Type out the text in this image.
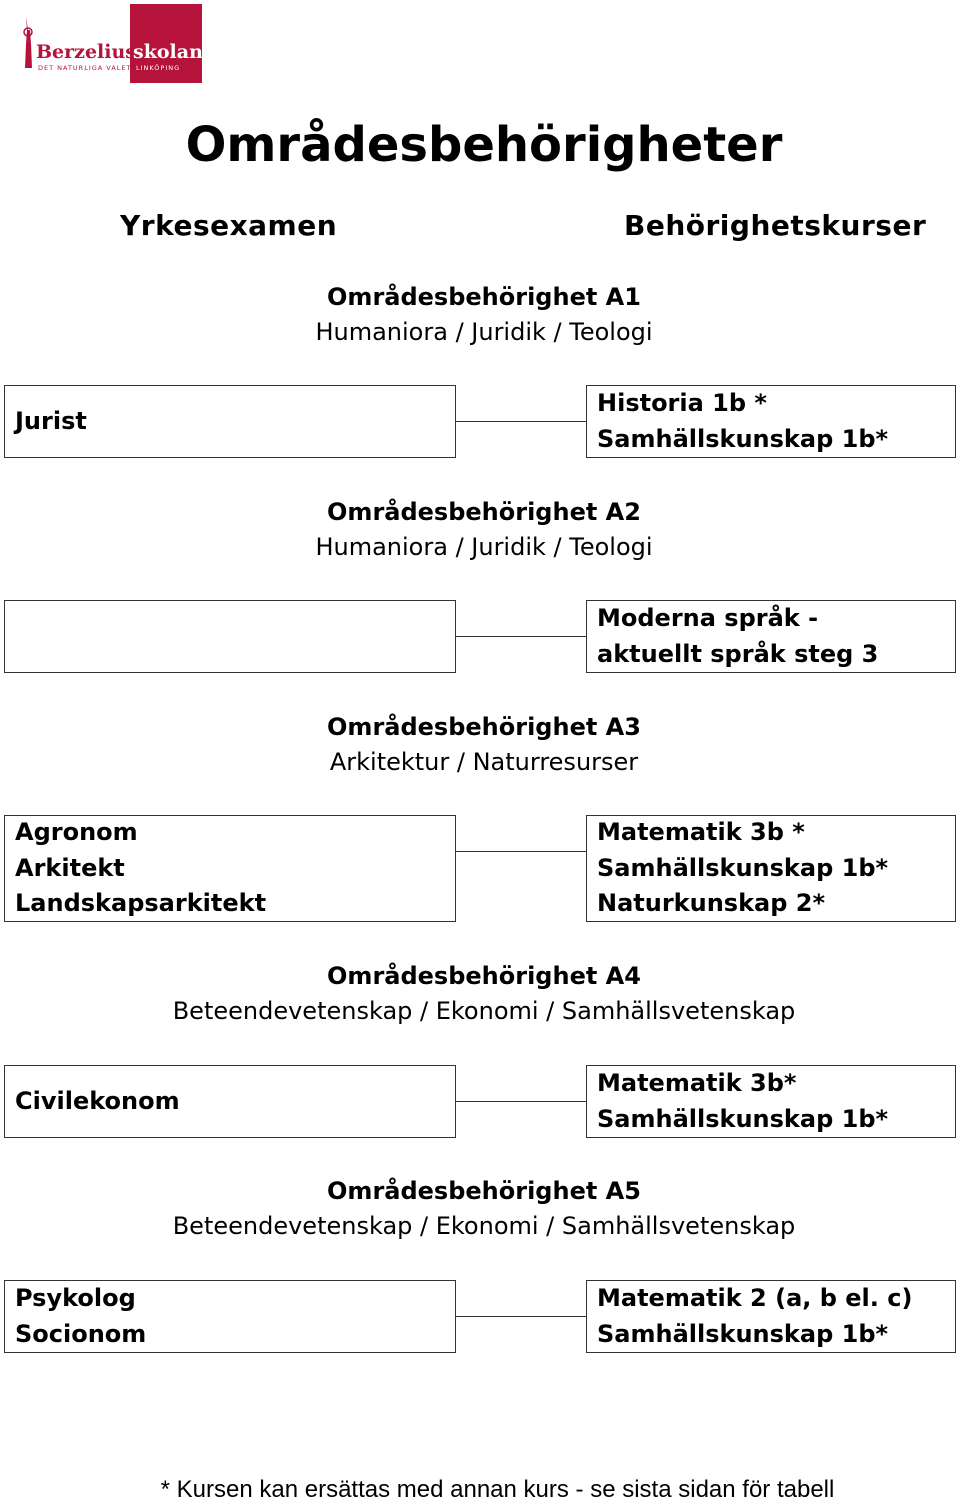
Berzelius
skolan
DET NATURLIGA VALET LINKÖPING
Områdesbehörigheter
Yrkesexamen	Behörighetskurser
Områdesbehörighet A1
Humaniora / Juridik / Teologi
Jurist
Historia 1b *
Samhällskunskap 1b*
Områdesbehörighet A2
Humaniora / Juridik / Teologi
Moderna språk -
aktuellt språk steg 3
Områdesbehörighet A3
Arkitektur / Naturresurser
Agronom
Arkitekt
Landskapsarkitekt
Matematik 3b *
Samhällskunskap 1b*
Naturkunskap 2*
Områdesbehörighet A4
Beteendevetenskap / Ekonomi / Samhällsvetenskap
Civilekonom
Matematik 3b*
Samhällskunskap 1b*
Områdesbehörighet A5
Beteendevetenskap / Ekonomi / Samhällsvetenskap
Psykolog
Socionom
Matematik 2 (a, b el. c)
Samhällskunskap 1b*
* Kursen kan ersättas med annan kurs - se sista sidan för tabell
